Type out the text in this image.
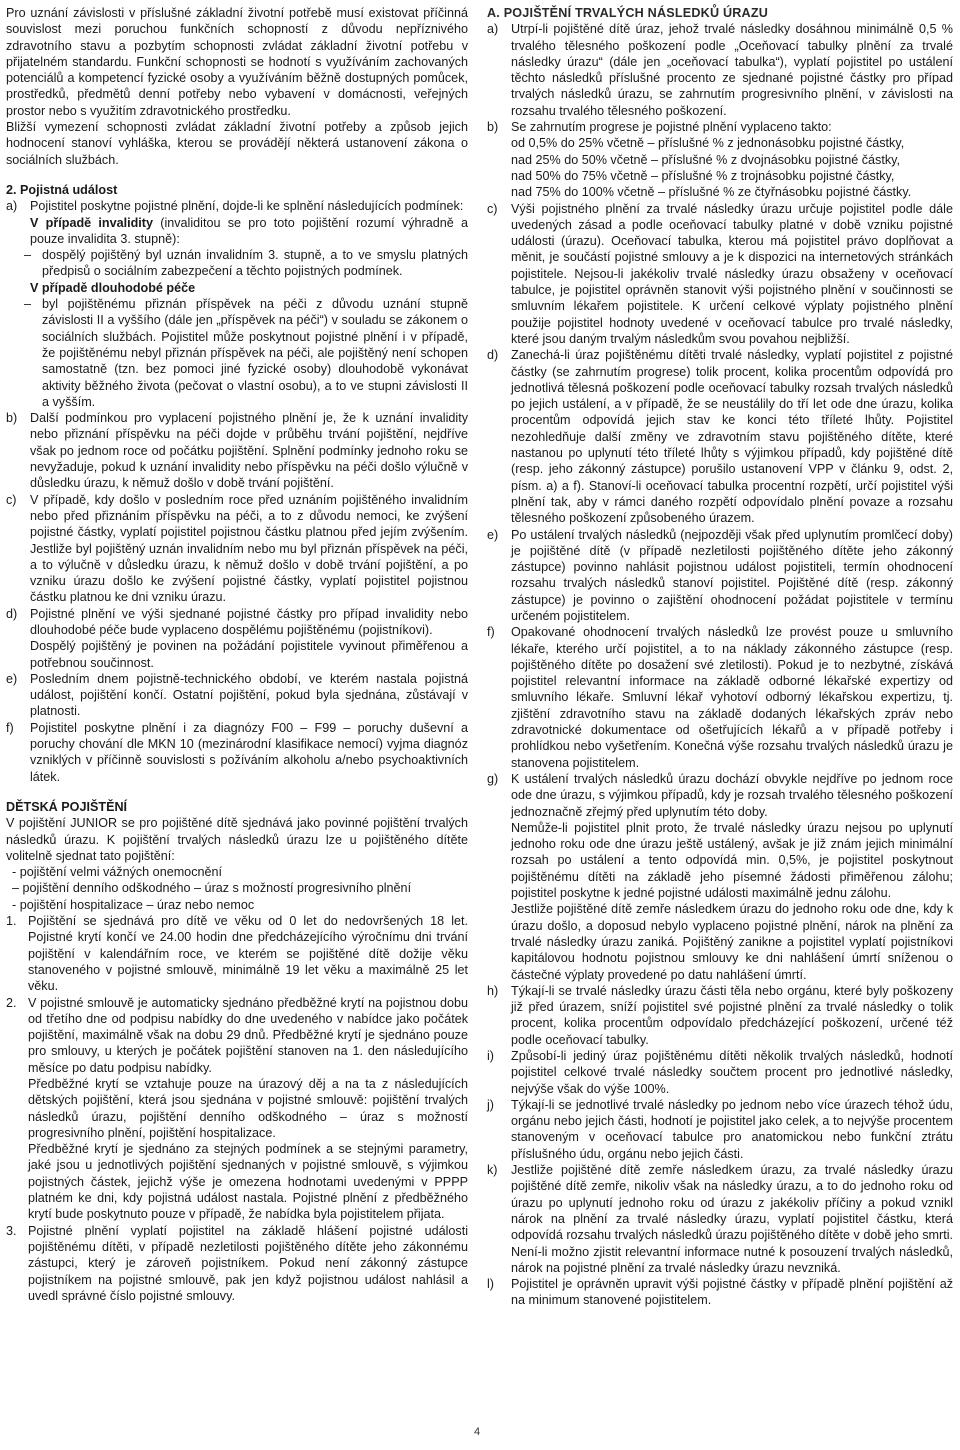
Pro uznání závislosti v příslušné základní životní potřebě musí existovat příčinná souvislost mezi poruchou funkčních schopností z důvodu nepříznivého zdravotního stavu a pozbytím schopnosti zvládat základní životní potřebu v přijatelném standardu. Funkční schopnosti se hodnotí s využíváním zachovaných potenciálů a kompetencí fyzické osoby a využíváním běžně dostupných pomůcek, prostředků, předmětů denní potřeby nebo vybavení v domácnosti, veřejných prostor nebo s využitím zdravotnického prostředku.

Bližší vymezení schopnosti zvládat základní životní potřeby a způsob jejich hodnocení stanoví vyhláška, kterou se provádějí některá ustanovení zákona o sociálních službách.

2. Pojistná událost

a)	Pojistitel poskytne pojistné plnění, dojde-li ke splnění následujících podmínek:

V případě invalidity (invaliditou se pro toto pojištění rozumí výhradně a pouze invalidita 3. stupně):

– dospělý pojištěný byl uznán invalidním 3. stupně, a to ve smyslu platných předpisů o sociálním zabezpečení a těchto pojistných podmínek.

V případě dlouhodobé péče

– byl pojištěnému přiznán příspěvek na péči z důvodu uznání stupně závislosti II a vyššího (dále jen „příspěvek na péči“) v souladu se zákonem o sociálních službách. Pojistitel může poskytnout pojistné plnění i v případě, že pojištěnému nebyl přiznán příspěvek na péči, ale pojištěný není schopen samostatně (tzn. bez pomoci jiné fyzické osoby) dlouhodobě vykonávat aktivity běžného života (pečovat o vlastní osobu), a to ve stupni závislosti II a vyšším.
b)	Další podmínkou pro vyplacení pojistného plnění je, že k uznání invalidity nebo přiznání příspěvku na péči dojde v průběhu trvání pojištění, nejdříve však po jednom roce od počátku pojištění. Splnění podmínky jednoho roku se nevyžaduje, pokud k uznání invalidity nebo příspěvku na péči došlo výlučně v důsledku úrazu, k němuž došlo v době trvání pojištění.
c)	V případě, kdy došlo v posledním roce před uznáním pojištěného invalidním nebo před přiznáním příspěvku na péči, a to z důvodu nemoci, ke zvýšení pojistné částky, vyplatí pojistitel pojistnou částku platnou před jejím zvýšením. Jestliže byl pojištěný uznán invalidním nebo mu byl přiznán příspěvek na péči, a to výlučně v důsledku úrazu, k němuž došlo v době trvání pojištění, a po vzniku úrazu došlo ke zvýšení pojistné částky, vyplatí pojistitel pojistnou částku platnou ke dni vzniku úrazu.
d)	Pojistné plnění ve výši sjednané pojistné částky pro případ invalidity nebo dlouhodobé péče bude vyplaceno dospělému pojištěnému (pojistníkovi).
Dospělý pojištěný je povinen na požádání pojistitele vyvinout přiměřenou a potřebnou součinnost.
e)	Posledním dnem pojistně-technického období, ve kterém nastala pojistná událost, pojištění končí. Ostatní pojištění, pokud byla sjednána, zůstávají v platnosti.
f)	Pojistitel poskytne plnění i za diagnózy F00 – F99 – poruchy duševní a poruchy chování dle MKN 10 (mezinárodní klasifikace nemocí) vyjma diagnóz vzniklých v příčinně souvislosti s požíváním alkoholu a/nebo psychoaktivních látek.

DĚTSKÁ POJIŠTĚNÍ

V pojištění JUNIOR se pro pojištěné dítě sjednává jako povinné pojištění trvalých následků úrazu. K pojištění trvalých následků úrazu lze u pojištěného dítěte volitelně sjednat tato pojištění:

- pojištění velmi vážných onemocnění

– pojištění denního odškodného – úraz s možností progresivního plnění

- pojištění hospitalizace – úraz nebo nemoc

1. Pojištění se sjednává pro dítě ve věku od 0 let do nedovršených 18 let. Pojistné krytí končí ve 24.00 hodin dne předcházejícího výročnímu dni trvání pojištění v kalendářním roce, ve kterém se pojištěné dítě dožije věku stanoveného v pojistné smlouvě, minimálně 19 let věku a maximálně 25 let věku.
2. V pojistné smlouvě je automaticky sjednáno předběžné krytí na pojistnou dobu od třetího dne od podpisu nabídky do dne uvedeného v nabídce jako počátek pojištění, maximálně však na dobu 29 dnů. Předběžné krytí je sjednáno pouze pro smlouvy, u kterých je počátek pojištění stanoven na 1. den následujícího měsíce po datu podpisu nabídky.
Předběžné krytí se vztahuje pouze na úrazový děj a na ta z následujících dětských pojištění, která jsou sjednána v pojistné smlouvě: pojištění trvalých následků úrazu, pojištění denního odškodného – úraz s možností progresivního plnění, pojištění hospitalizace.
Předběžné krytí je sjednáno za stejných podmínek a se stejnými parametry, jaké jsou u jednotlivých pojištění sjednaných v pojistné smlouvě, s výjimkou pojistných částek, jejichž výše je omezena hodnotami uvedenými v PPPP platném ke dni, kdy pojistná událost nastala. Pojistné plnění z předběžného krytí bude poskytnuto pouze v případě, že nabídka byla pojistitelem přijata.
3. Pojistné plnění vyplatí pojistitel na základě hlášení pojistné události pojištěnému dítěti, v případě nezletilosti pojištěného dítěte jeho zákonnému zástupci, který je zároveň pojistníkem. Pokud není zákonný zástupce pojistníkem na pojistné smlouvě, pak jen když pojistnou událost nahlásil a uvedl správné číslo pojistné smlouvy.

A. POJIŠTĚNÍ TRVALÝCH NÁSLEDKŮ ÚRAZU

a)	Utrpí-li pojištěné dítě úraz, jehož trvalé následky dosáhnou minimálně 0,5 % trvalého tělesného poškození podle „Oceňovací tabulky plnění za trvalé následky úrazu“ (dále jen „oceňovací tabulka“), vyplatí pojistitel po ustálení těchto následků příslušné procento ze sjednané pojistné částky pro případ trvalých následků úrazu, se zahrnutím progresivního plnění, v závislosti na rozsahu trvalého tělesného poškození.
b)	Se zahrnutím progrese je pojistné plnění vyplaceno takto:
od 0,5% do 25% včetně – příslušné % z jednonásobku pojistné částky,
nad 25% do 50% včetně – příslušné % z dvojnásobku pojistné částky,
nad 50% do 75% včetně – příslušné % z trojnásobku pojistné částky,
nad 75% do 100% včetně – příslušné % ze čtyřnásobku pojistné částky.
c)	Výši pojistného plnění za trvalé následky úrazu určuje pojistitel podle dále uvedených zásad a podle oceňovací tabulky platné v době vzniku pojistné události (úrazu). Oceňovací tabulka, kterou má pojistitel právo doplňovat a měnit, je součástí pojistné smlouvy a je k dispozici na internetových stránkách pojistitele. Nejsou-li jakékoliv trvalé následky úrazu obsaženy v oceňovací tabulce, je pojistitel oprávněn stanovit výši pojistného plnění v součinnosti se smluvním lékařem pojistitele. K určení celkové výplaty pojistného plnění použije pojistitel hodnoty uvedené v oceňovací tabulce pro trvalé následky, které jsou daným trvalým následkům svou povahou nejbližší.
d)	Zanechá-li úraz pojištěnému dítěti trvalé následky, vyplatí pojistitel z pojistné částky (se zahrnutím progrese) tolik procent, kolika procentům odpovídá pro jednotlivá tělesná poškození podle oceňovací tabulky rozsah trvalých následků po jejich ustálení, a v případě, že se neustálily do tří let ode dne úrazu, kolika procentům odpovídá jejich stav ke konci této tříleté lhůty. Pojistitel nezohledňuje další změny ve zdravotním stavu pojištěného dítěte, které nastanou po uplynutí této tříleté lhůty s výjimkou případů, kdy pojištěné dítě (resp. jeho zákonný zástupce) porušilo ustanovení VPP v článku 9, odst. 2, písm. a) a f). Stanoví-li oceňovací tabulka procentní rozpětí, určí pojistitel výši plnění tak, aby v rámci daného rozpětí odpovídalo plnění povaze a rozsahu tělesného poškození způsobeného úrazem.
e)	Po ustálení trvalých následků (nejpozději však před uplynutím promlčecí doby) je pojištěné dítě (v případě nezletilosti pojištěného dítěte jeho zákonný zástupce) povinno nahlásit pojistnou událost pojistiteli, termín ohodnocení rozsahu trvalých následků stanoví pojistitel. Pojištěné dítě (resp. zákonný zástupce) je povinno o zajištění ohodnocení požádat pojistitele v termínu určeném pojistitelem.
f)	Opakované ohodnocení trvalých následků lze provést pouze u smluvního lékaře, kterého určí pojistitel, a to na náklady zákonného zástupce (resp. pojištěného dítěte po dosažení své zletilosti). Pokud je to nezbytné, získává pojistitel relevantní informace na základě odborné lékařské expertizy od smluvního lékaře. Smluvní lékař vyhotoví odborný lékařskou expertizu, tj. zjištění zdravotního stavu na základě dodaných lékařských zpráv nebo zdravotnické dokumentace od ošetřujících lékařů a v případě potřeby i prohlídkou nebo vyšetřením. Konečná výše rozsahu trvalých následků úrazu je stanovena pojistitelem.
g)	K ustálení trvalých následků úrazu dochází obvykle nejdříve po jednom roce ode dne úrazu, s výjimkou případů, kdy je rozsah trvalého tělesného poškození jednoznačně zřejmý před uplynutím této doby.
Nemůže-li pojistitel plnit proto, že trvalé následky úrazu nejsou po uplynutí jednoho roku ode dne úrazu ještě ustálený, avšak je již znám jejich minimální rozsah po ustálení a tento odpovídá min. 0,5%, je pojistitel poskytnout pojištěnému dítěti na základě jeho písemné žádosti přiměřenou zálohu; pojistitel poskytne k jedné pojistné události maximálně jednu zálohu.
Jestliže pojištěné dítě zemře následkem úrazu do jednoho roku ode dne, kdy k úrazu došlo, a doposud nebylo vyplaceno pojistné plnění, nárok na plnění za trvalé následky úrazu zaniká. Pojištěný zanikne a pojistitel vyplatí pojistníkovi kapitálovou hodnotu pojistnou smlouvy ke dni nahlášení úmrtí sníženou o částečné výplaty provedené po datu nahlášení úmrtí.
h)	Týkají-li se trvalé následky úrazu části těla nebo orgánu, které byly poškozeny již před úrazem, sníží pojistitel své pojistné plnění za trvalé následky o tolik procent, kolika procentům odpovídalo předcházející poškození, určené též podle oceňovací tabulky.
i)	Způsobí-li jediný úraz pojištěnému dítěti několik trvalých následků, hodnotí pojistitel celkové trvalé následky součtem procent pro jednotlivé následky, nejvýše však do výše 100%.
j)	Týkají-li se jednotlivé trvalé následky po jednom nebo více úrazech téhož údu, orgánu nebo jejich části, hodnotí je pojistitel jako celek, a to nejvýše procentem stanoveným v oceňovací tabulce pro anatomickou nebo funkční ztrátu příslušného údu, orgánu nebo jejich části.
k)	Jestliže pojištěné dítě zemře následkem úrazu, za trvalé následky úrazu pojištěné dítě zemře, nikoliv však na následky úrazu, a to do jednoho roku od úrazu po uplynutí jednoho roku od úrazu z jakékoliv příčiny a pokud vznikl nárok na plnění za trvalé následky úrazu, vyplatí pojistitel částku, která odpovídá rozsahu trvalých následků úrazu pojištěného dítěte v době jeho smrti. Není-li možno zjistit relevantní informace nutné k posouzení trvalých následků, nárok na pojistné plnění za trvalé následky úrazu nevzniká.
l)	Pojistitel je oprávněn upravit výši pojistné částky v případě plnění pojištění až na minimum stanovené pojistitelem.
4
